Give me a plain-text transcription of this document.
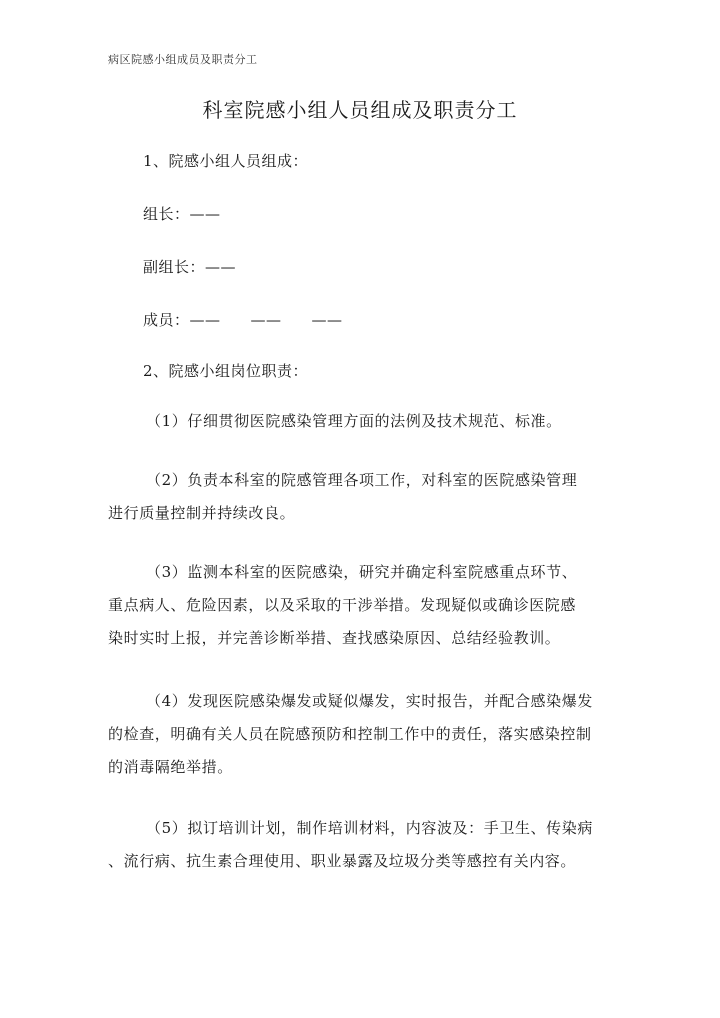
病区院感小组成员及职责分工
科室院感小组人员组成及职责分工
1、院感小组人员组成：
组长：——
副组长：——
成员：—— —— ——
2、院感小组岗位职责：

（1）仔细贯彻医院感染管理方面的法例及技术规范、标准。

（2）负责本科室的院感管理各项工作，对科室的医院感染管理

进行质量控制并持续改良。

（3）监测本科室的医院感染，研究并确定科室院感重点环节、

重点病人、危险因素，以及采取的干涉举措。发现疑似或确诊医院感

染时实时上报，并完善诊断举措、查找感染原因、总结经验教训。

（4）发现医院感染爆发或疑似爆发，实时报告，并配合感染爆发

的检查，明确有关人员在院感预防和控制工作中的责任，落实感染控制

的消毒隔绝举措。

（5）拟订培训计划，制作培训材料，内容波及：手卫生、传染病

、流行病、抗生素合理使用、职业暴露及垃圾分类等感控有关内容。
